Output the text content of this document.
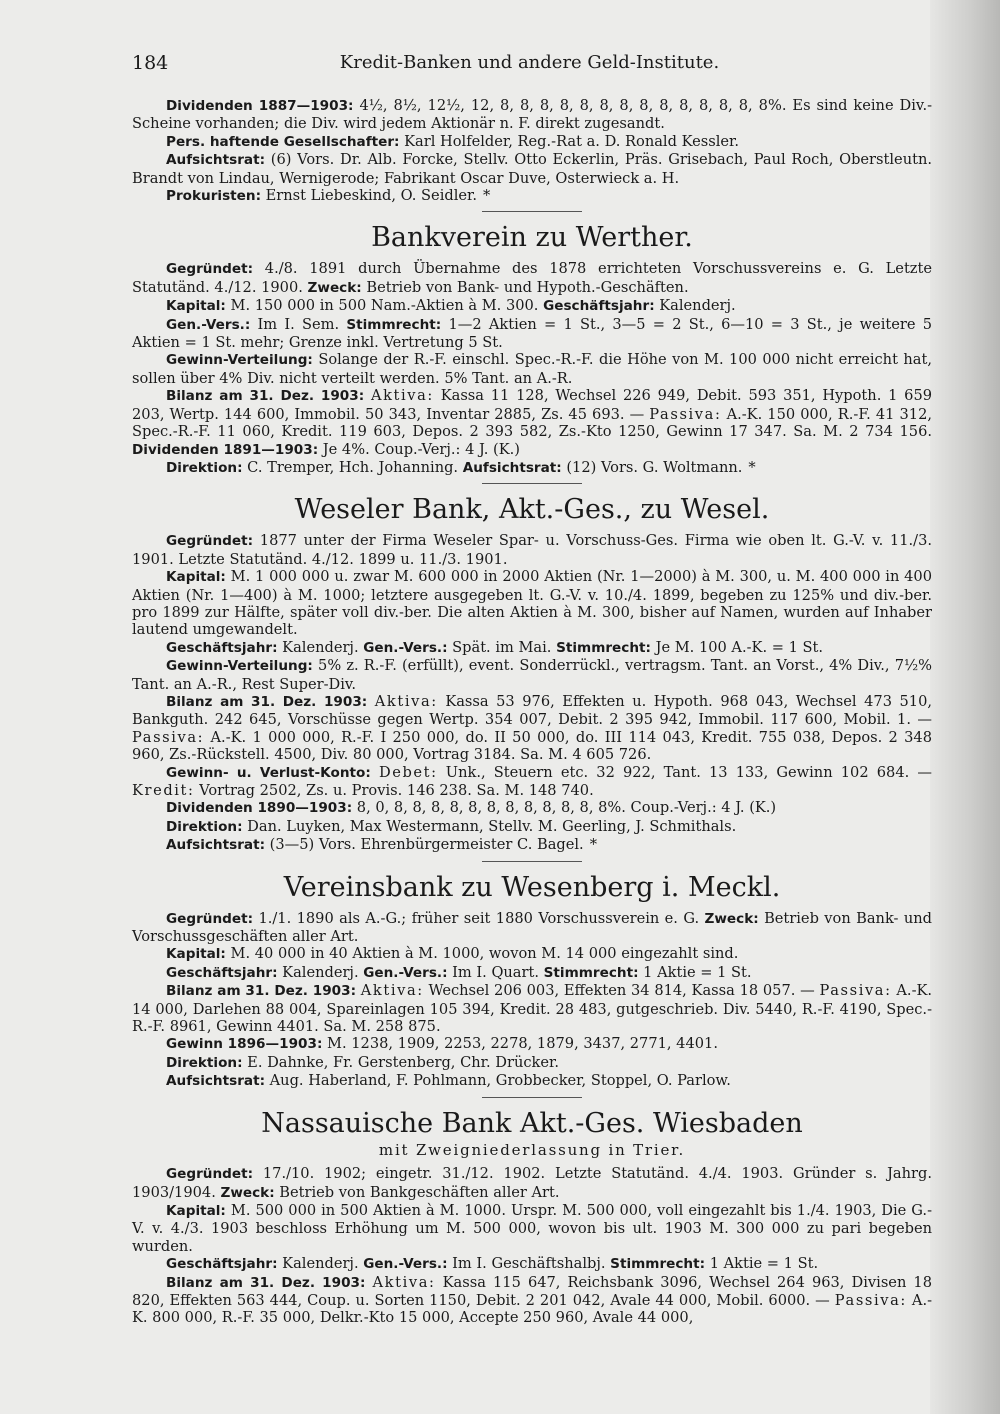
184	Kredit-Banken und andere Geld-Institute.

Dividenden 1887—1903: 4½, 8½, 12½, 12, 8, 8, 8, 8, 8, 8, 8, 8, 8, 8, 8, 8, 8, 8%. Es sind keine Div.-Scheine vorhanden; die Div. wird jedem Aktionär n. F. direkt zugesandt.

Pers. haftende Gesellschafter: Karl Holfelder, Reg.-Rat a. D. Ronald Kessler.

Aufsichtsrat: (6) Vors. Dr. Alb. Forcke, Stellv. Otto Eckerlin, Präs. Grisebach, Paul Roch, Oberstleutn. Brandt von Lindau, Wernigerode; Fabrikant Oscar Duve, Osterwieck a. H.

Prokuristen: Ernst Liebeskind, O. Seidler. *

Bankverein zu Werther.

Gegründet: 4./8. 1891 durch Übernahme des 1878 errichteten Vorschussvereins e. G. Letzte Statutänd. 4./12. 1900. Zweck: Betrieb von Bank- und Hypoth.-Geschäften.

Kapital: M. 150 000 in 500 Nam.-Aktien à M. 300. Geschäftsjahr: Kalenderj.

Gen.-Vers.: Im I. Sem. Stimmrecht: 1—2 Aktien = 1 St., 3—5 = 2 St., 6—10 = 3 St., je weitere 5 Aktien = 1 St. mehr; Grenze inkl. Vertretung 5 St.

Gewinn-Verteilung: Solange der R.-F. einschl. Spec.-R.-F. die Höhe von M. 100 000 nicht erreicht hat, sollen über 4% Div. nicht verteilt werden. 5% Tant. an A.-R.

Bilanz am 31. Dez. 1903: Aktiva: Kassa 11 128, Wechsel 226 949, Debit. 593 351, Hypoth. 1 659 203, Wertp. 144 600, Immobil. 50 343, Inventar 2885, Zs. 45 693. — Passiva: A.-K. 150 000, R.-F. 41 312, Spec.-R.-F. 11 060, Kredit. 119 603, Depos. 2 393 582, Zs.-Kto 1250, Gewinn 17 347. Sa. M. 2 734 156. Dividenden 1891—1903: Je 4%. Coup.-Verj.: 4 J. (K.)

Direktion: C. Tremper, Hch. Johanning. Aufsichtsrat: (12) Vors. G. Woltmann. *

Weseler Bank, Akt.-Ges., zu Wesel.

Gegründet: 1877 unter der Firma Weseler Spar- u. Vorschuss-Ges. Firma wie oben lt. G.-V. v. 11./3. 1901. Letzte Statutänd. 4./12. 1899 u. 11./3. 1901.

Kapital: M. 1 000 000 u. zwar M. 600 000 in 2000 Aktien (Nr. 1—2000) à M. 300, u. M. 400 000 in 400 Aktien (Nr. 1—400) à M. 1000; letztere ausgegeben lt. G.-V. v. 10./4. 1899, begeben zu 125% und div.-ber. pro 1899 zur Hälfte, später voll div.-ber. Die alten Aktien à M. 300, bisher auf Namen, wurden auf Inhaber lautend umgewandelt.

Geschäftsjahr: Kalenderj. Gen.-Vers.: Spät. im Mai. Stimmrecht: Je M. 100 A.-K. = 1 St.

Gewinn-Verteilung: 5% z. R.-F. (erfüllt), event. Sonderrückl., vertragsm. Tant. an Vorst., 4% Div., 7½% Tant. an A.-R., Rest Super-Div.

Bilanz am 31. Dez. 1903: Aktiva: Kassa 53 976, Effekten u. Hypoth. 968 043, Wechsel 473 510, Bankguth. 242 645, Vorschüsse gegen Wertp. 354 007, Debit. 2 395 942, Immobil. 117 600, Mobil. 1. — Passiva: A.-K. 1 000 000, R.-F. I 250 000, do. II 50 000, do. III 114 043, Kredit. 755 038, Depos. 2 348 960, Zs.-Rückstell. 4500, Div. 80 000, Vortrag 3184. Sa. M. 4 605 726.

Gewinn- u. Verlust-Konto: Debet: Unk., Steuern etc. 32 922, Tant. 13 133, Gewinn 102 684. — Kredit: Vortrag 2502, Zs. u. Provis. 146 238. Sa. M. 148 740.

Dividenden 1890—1903: 8, 0, 8, 8, 8, 8, 8, 8, 8, 8, 8, 8, 8, 8%. Coup.-Verj.: 4 J. (K.)

Direktion: Dan. Luyken, Max Westermann, Stellv. M. Geerling, J. Schmithals.

Aufsichtsrat: (3—5) Vors. Ehrenbürgermeister C. Bagel. *

Vereinsbank zu Wesenberg i. Meckl.

Gegründet: 1./1. 1890 als A.-G.; früher seit 1880 Vorschussverein e. G. Zweck: Betrieb von Bank- und Vorschussgeschäften aller Art.

Kapital: M. 40 000 in 40 Aktien à M. 1000, wovon M. 14 000 eingezahlt sind.

Geschäftsjahr: Kalenderj. Gen.-Vers.: Im I. Quart. Stimmrecht: 1 Aktie = 1 St.

Bilanz am 31. Dez. 1903: Aktiva: Wechsel 206 003, Effekten 34 814, Kassa 18 057. — Passiva: A.-K. 14 000, Darlehen 88 004, Spareinlagen 105 394, Kredit. 28 483, gutgeschrieb. Div. 5440, R.-F. 4190, Spec.-R.-F. 8961, Gewinn 4401. Sa. M. 258 875.

Gewinn 1896—1903: M. 1238, 1909, 2253, 2278, 1879, 3437, 2771, 4401.

Direktion: E. Dahnke, Fr. Gerstenberg, Chr. Drücker.

Aufsichtsrat: Aug. Haberland, F. Pohlmann, Grobbecker, Stoppel, O. Parlow.

Nassauische Bank Akt.-Ges. Wiesbaden
mit Zweigniederlassung in Trier.

Gegründet: 17./10. 1902; eingetr. 31./12. 1902. Letzte Statutänd. 4./4. 1903. Gründer s. Jahrg. 1903/1904. Zweck: Betrieb von Bankgeschäften aller Art.

Kapital: M. 500 000 in 500 Aktien à M. 1000. Urspr. M. 500 000, voll eingezahlt bis 1./4. 1903, Die G.-V. v. 4./3. 1903 beschloss Erhöhung um M. 500 000, wovon bis ult. 1903 M. 300 000 zu pari begeben wurden.

Geschäftsjahr: Kalenderj. Gen.-Vers.: Im I. Geschäftshalbj. Stimmrecht: 1 Aktie = 1 St.

Bilanz am 31. Dez. 1903: Aktiva: Kassa 115 647, Reichsbank 3096, Wechsel 264 963, Divisen 18 820, Effekten 563 444, Coup. u. Sorten 1150, Debit. 2 201 042, Avale 44 000, Mobil. 6000. — Passiva: A.-K. 800 000, R.-F. 35 000, Delkr.-Kto 15 000, Accepte 250 960, Avale 44 000,
